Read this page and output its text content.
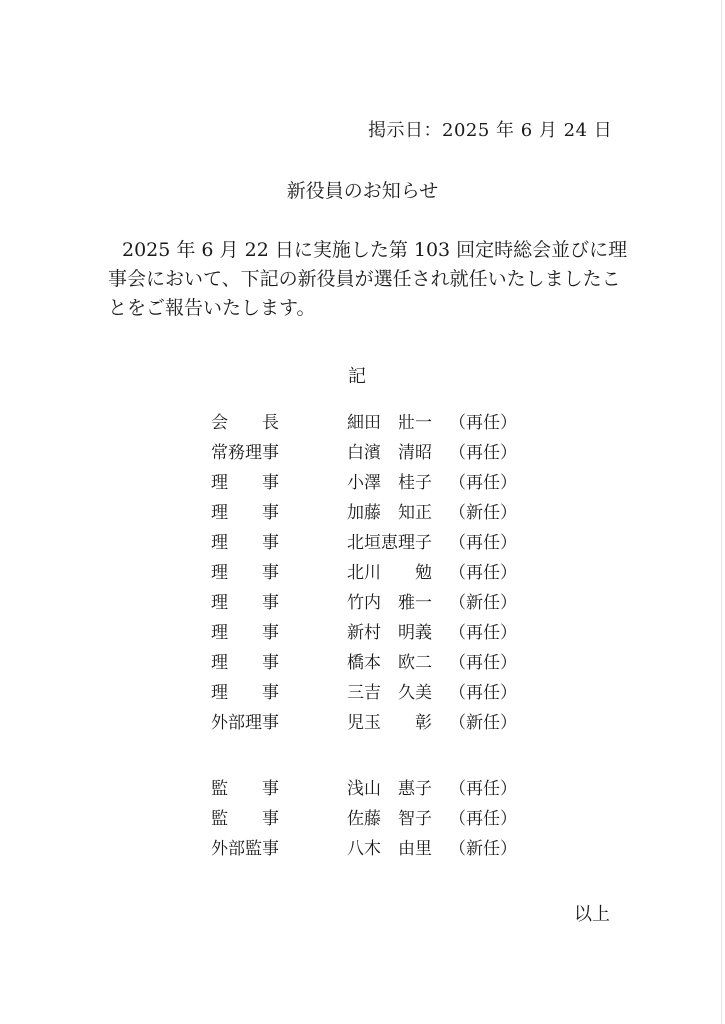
掲示日：2025 年 6 月 24 日
新役員のお知らせ
2025 年 6 月 22 日に実施した第 103 回定時総会並びに理
事会において、下記の新役員が選任され就任いたしましたこ
とをご報告いたします。
記
会　　長	細田　壯一	（再任）
常務理事	白濱　清昭	（再任）
理　　事	小澤　桂子	（再任）
理　　事	加藤　知正	（新任）
理　　事	北垣恵理子	（再任）
理　　事	北川　　勉	（再任）
理　　事	竹内　雅一	（新任）
理　　事	新村　明義	（再任）
理　　事	橋本　欧二	（再任）
理　　事	三吉　久美	（再任）
外部理事	児玉　　彰	（新任）
監　　事	浅山　惠子	（再任）
監　　事	佐藤　智子	（再任）
外部監事	八木　由里	（新任）
以上
